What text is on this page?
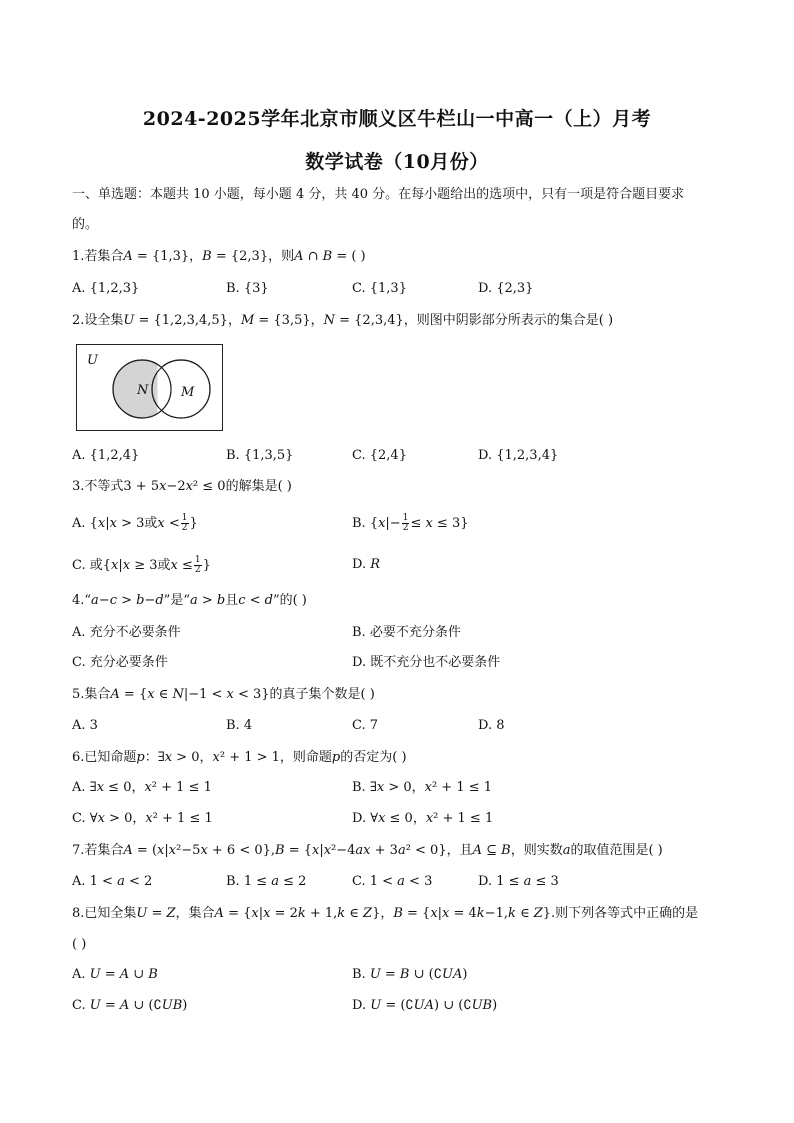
2024-2025学年北京市顺义区牛栏山一中高一（上）月考
数学试卷（10月份）
一、单选题：本题共 10 小题，每小题 4 分，共 40 分。在每小题给出的选项中，只有一项是符合题目要求
的。
1.若集合𝐴 = {1,3}，𝐵 = {2,3}，则𝐴 ∩ 𝐵 = ( )
A. {1,2,3}	B. {3}	C. {1,3}	D. {2,3}
2.设全集𝑈 = {1,2,3,4,5}，𝑀 = {3,5}，𝑁 = {2,3,4}，则图中阴影部分所表示的集合是( )
U
N	M
A. {1,2,4}	B. {1,3,5}	C. {2,4}	D. {1,2,3,4}
3.不等式3 + 5𝑥−2𝑥² ≤ 0的解集是( )
A. {𝑥|𝑥 > 3或𝑥 < $\frac{1}{2}$ }	B. {𝑥|− $\frac{1}{2}$ ≤ 𝑥 ≤ 3}
C. 或{𝑥|𝑥 ≥ 3或𝑥 ≤ $\frac{1}{2}$ }	D. 𝑅
4.“𝑎−𝑐 > 𝑏−𝑑”是“𝑎 > 𝑏且𝑐 < 𝑑”的( )
A. 充分不必要条件	B. 必要不充分条件
C. 充分必要条件	D. 既不充分也不必要条件
5.集合𝐴 = {𝑥 ∈ 𝑁|−1 < 𝑥 < 3}的真子集个数是( )
A. 3	B. 4	C. 7	D. 8
6.已知命题𝑝：∃𝑥 > 0，𝑥² + 1 > 1，则命题𝑝的否定为( )
A. ∃𝑥 ≤ 0，𝑥² + 1 ≤ 1	B. ∃𝑥 > 0，𝑥² + 1 ≤ 1
C. ∀𝑥 > 0，𝑥² + 1 ≤ 1	D. ∀𝑥 ≤ 0，𝑥² + 1 ≤ 1
7.若集合𝐴 = (𝑥|𝑥²−5𝑥 + 6 < 0},𝐵 = {𝑥|𝑥²−4𝑎𝑥 + 3𝑎² < 0}，且𝐴 ⊆ 𝐵，则实数𝑎的取值范围是( )
A. 1 < 𝑎 < 2	B. 1 ≤ 𝑎 ≤ 2	C. 1 < 𝑎 < 3	D. 1 ≤ 𝑎 ≤ 3
8.已知全集𝑈 = 𝑍，集合𝐴 = {𝑥|𝑥 = 2𝑘 + 1,𝑘 ∈ 𝑍}，𝐵 = {𝑥|𝑥 = 4𝑘−1,𝑘 ∈ 𝑍}.则下列各等式中正确的是
( )
A. 𝑈 = 𝐴 ∪ 𝐵	B. 𝑈 = 𝐵 ∪ (∁𝑈𝐴)
C. 𝑈 = 𝐴 ∪ (∁𝑈𝐵)	D. 𝑈 = (∁𝑈𝐴) ∪ (∁𝑈𝐵)
